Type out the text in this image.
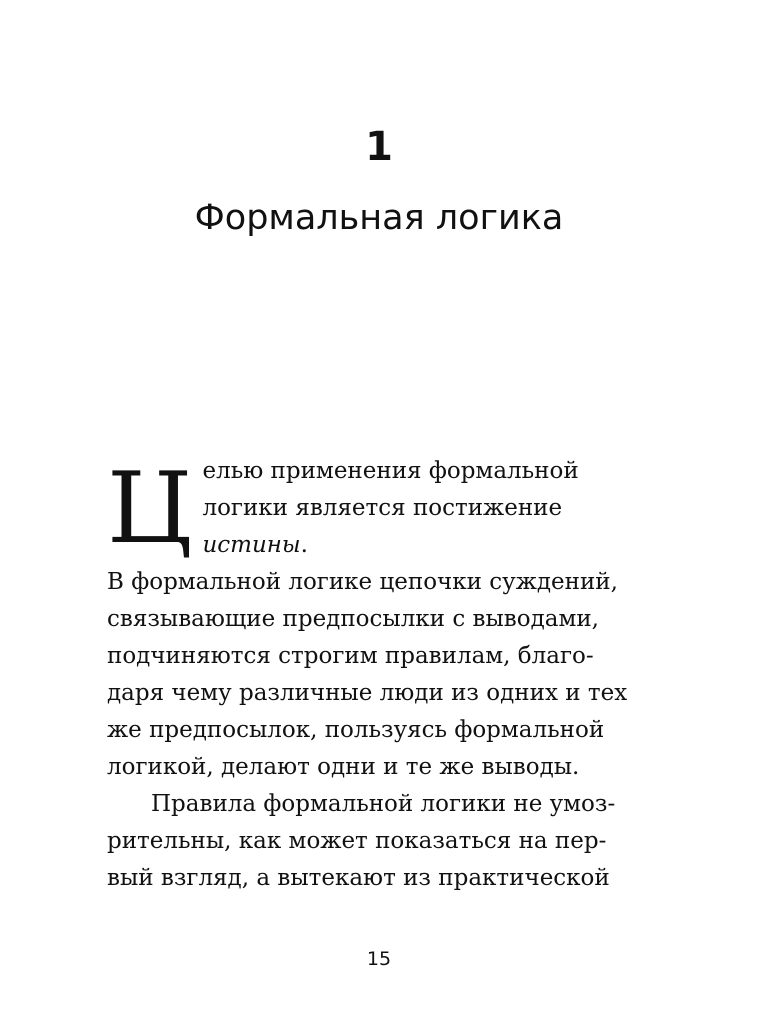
1
Формальная логика
Ц елью применения формальной
логики является постижение
истины.
В формальной логике цепочки суждений,
связывающие предпосылки с выводами,
подчиняются строгим правилам, благо-
даря чему различные люди из одних и тех
же предпосылок, пользуясь формальной
логикой, делают одни и те же выводы.
Правила формальной логики не умоз-
рительны, как может показаться на пер-
вый взгляд, а вытекают из практической
15
